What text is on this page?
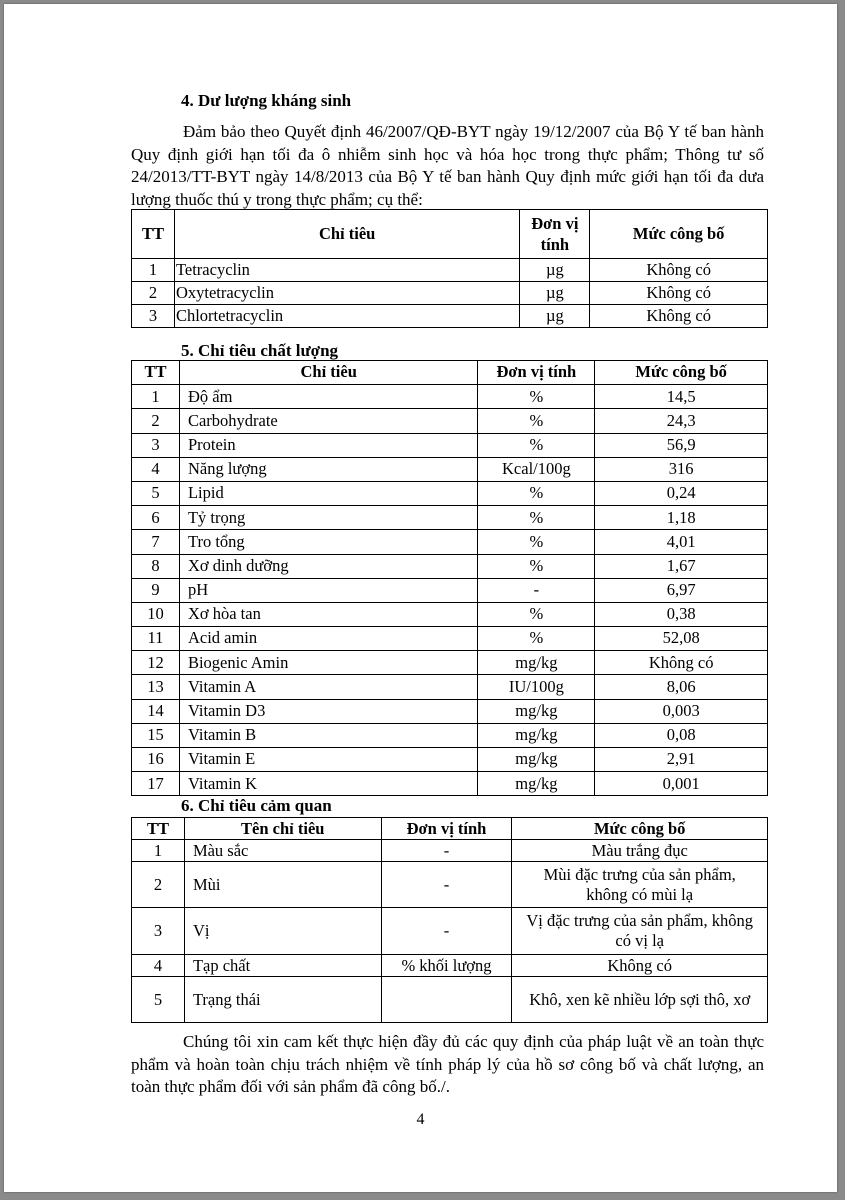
4. Dư lượng kháng sinh
Đảm bảo theo Quyết định 46/2007/QĐ-BYT ngày 19/12/2007 của Bộ Y tế ban hành Quy định giới hạn tối đa ô nhiễm sinh học và hóa học trong thực phẩm; Thông tư số 24/2013/TT-BYT ngày 14/8/2013 của Bộ Y tế ban hành Quy định mức giới hạn tối đa dưa lượng thuốc thú y trong thực phẩm; cụ thể:
TT	Chỉ tiêu	Đơn vị tính	Mức công bố
1	Tetracyclin	µg	Không có
2	Oxytetracyclin	µg	Không có
3	Chlortetracyclin	µg	Không có
5. Chỉ tiêu chất lượng
TT	Chỉ tiêu	Đơn vị tính	Mức công bố
1	Độ ẩm	%	14,5
2	Carbohydrate	%	24,3
3	Protein	%	56,9
4	Năng lượng	Kcal/100g	316
5	Lipid	%	0,24
6	Tỷ trọng	%	1,18
7	Tro tổng	%	4,01
8	Xơ dinh dưỡng	%	1,67
9	pH	-	6,97
10	Xơ hòa tan	%	0,38
11	Acid amin	%	52,08
12	Biogenic Amin	mg/kg	Không có
13	Vitamin A	IU/100g	8,06
14	Vitamin D3	mg/kg	0,003
15	Vitamin B	mg/kg	0,08
16	Vitamin E	mg/kg	2,91
17	Vitamin K	mg/kg	0,001
6. Chỉ tiêu cảm quan
TT	Tên chỉ tiêu	Đơn vị tính	Mức công bố
1	Màu sắc	-	Màu trắng đục
2	Mùi	-	Mùi đặc trưng của sản phẩm, không có mùi lạ
3	Vị	-	Vị đặc trưng của sản phẩm, không có vị lạ
4	Tạp chất	% khối lượng	Không có
5	Trạng thái		Khô, xen kẽ nhiều lớp sợi thô, xơ
Chúng tôi xin cam kết thực hiện đầy đủ các quy định của pháp luật về an toàn thực phẩm và hoàn toàn chịu trách nhiệm về tính pháp lý của hồ sơ công bố và chất lượng, an toàn thực phẩm đối với sản phẩm đã công bố./.
4
